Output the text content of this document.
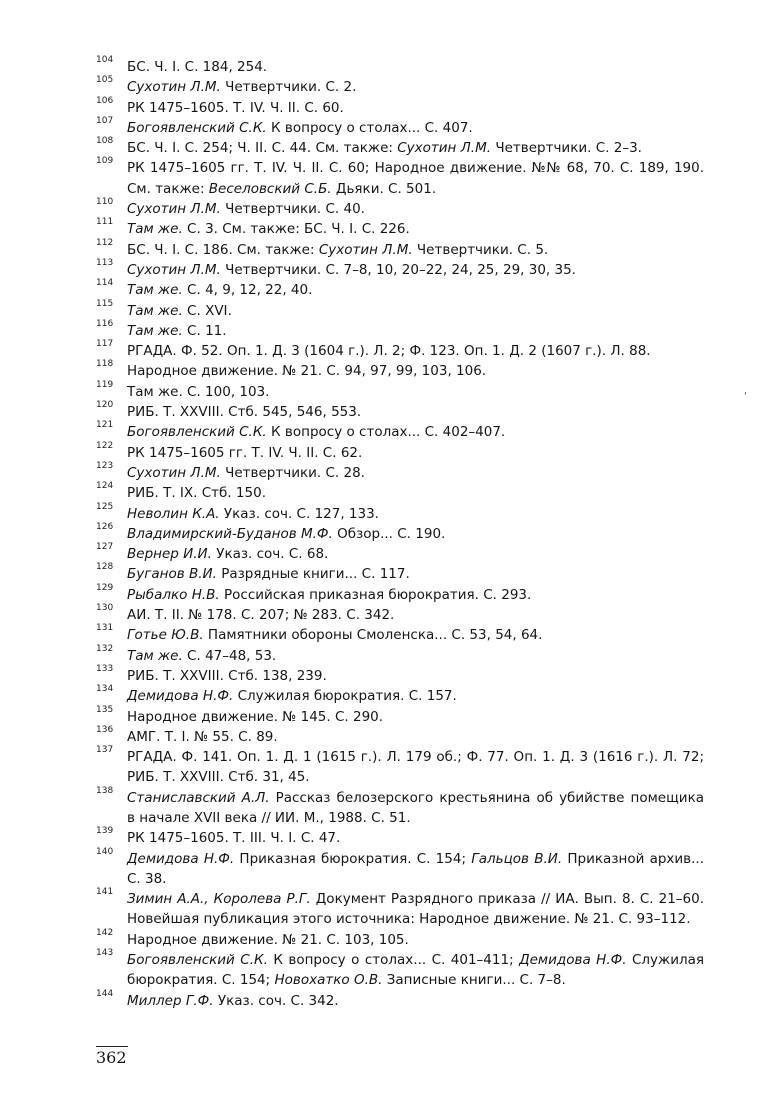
104 БС. Ч. I. С. 184, 254.
105 Сухотин Л.М. Четвертчики. С. 2.
106 РК 1475–1605. Т. IV. Ч. II. С. 60.
107 Богоявленский С.К. К вопросу о столах... С. 407.
108 БС. Ч. I. С. 254; Ч. II. С. 44. См. также: Сухотин Л.М. Четвертчики. С. 2–3.
109 РК 1475–1605 гг. Т. IV. Ч. II. С. 60; Народное движение. №№ 68, 70. С. 189, 190. См. также: Веселовский С.Б. Дьяки. С. 501.
110 Сухотин Л.М. Четвертчики. С. 40.
111 Там же. С. 3. См. также: БС. Ч. I. С. 226.
112 БС. Ч. I. С. 186. См. также: Сухотин Л.М. Четвертчики. С. 5.
113 Сухотин Л.М. Четвертчики. С. 7–8, 10, 20–22, 24, 25, 29, 30, 35.
114 Там же. С. 4, 9, 12, 22, 40.
115 Там же. С. XVI.
116 Там же. С. 11.
117 РГАДА. Ф. 52. Оп. 1. Д. 3 (1604 г.). Л. 2; Ф. 123. Оп. 1. Д. 2 (1607 г.). Л. 88.
118 Народное движение. № 21. С. 94, 97, 99, 103, 106.
119 Там же. С. 100, 103.
120 РИБ. Т. XXVIII. Стб. 545, 546, 553.
121 Богоявленский С.К. К вопросу о столах... С. 402–407.
122 РК 1475–1605 гг. Т. IV. Ч. II. С. 62.
123 Сухотин Л.М. Четвертчики. С. 28.
124 РИБ. Т. IX. Стб. 150.
125 Неволин К.А. Указ. соч. С. 127, 133.
126 Владимирский-Буданов М.Ф. Обзор... С. 190.
127 Вернер И.И. Указ. соч. С. 68.
128 Буганов В.И. Разрядные книги... С. 117.
129 Рыбалко Н.В. Российская приказная бюрократия. С. 293.
130 АИ. Т. II. № 178. С. 207; № 283. С. 342.
131 Готье Ю.В. Памятники обороны Смоленска... С. 53, 54, 64.
132 Там же. С. 47–48, 53.
133 РИБ. Т. XXVIII. Стб. 138, 239.
134 Демидова Н.Ф. Служилая бюрократия. С. 157.
135 Народное движение. № 145. С. 290.
136 АМГ. Т. I. № 55. С. 89.
137 РГАДА. Ф. 141. Оп. 1. Д. 1 (1615 г.). Л. 179 об.; Ф. 77. Оп. 1. Д. 3 (1616 г.). Л. 72; РИБ. Т. XXVIII. Стб. 31, 45.
138 Станиславский А.Л. Рассказ белозерского крестьянина об убийстве помещика в начале XVII века // ИИ. М., 1988. С. 51.
139 РК 1475–1605. Т. III. Ч. I. С. 47.
140 Демидова Н.Ф. Приказная бюрократия. С. 154; Гальцов В.И. Приказной архив... С. 38.
141 Зимин А.А., Королева Р.Г. Документ Разрядного приказа // ИА. Вып. 8. С. 21–60. Новейшая публикация этого источника: Народное движение. № 21. С. 93–112.
142 Народное движение. № 21. С. 103, 105.
143 Богоявленский С.К. К вопросу о столах... С. 401–411; Демидова Н.Ф. Служилая бюрократия. С. 154; Новохатко О.В. Записные книги... С. 7–8.
144 Миллер Г.Ф. Указ. соч. С. 342.
‘
362
